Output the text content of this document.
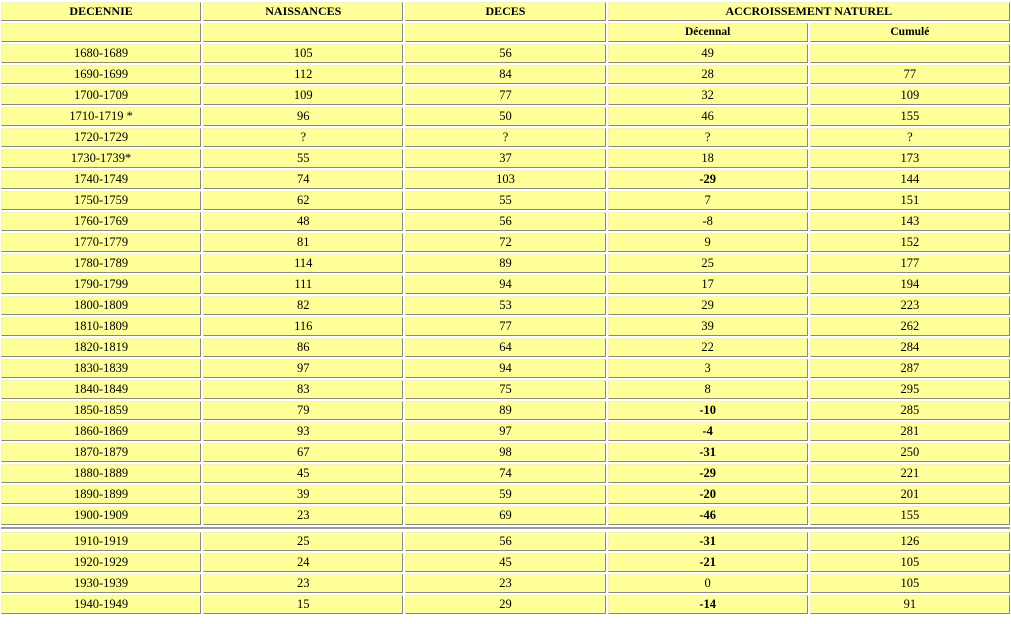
DECENNIE	NAISSANCES	DECES	ACCROISSEMENT NATUREL	
			Décennal	Cumulé
1680-1689	105	56	49	
1690-1699	112	84	28	77
1700-1709	109	77	32	109
1710-1719 *	96	50	46	155
1720-1729	?	?	?	?
1730-1739*	55	37	18	173
1740-1749	74	103	-29	144
1750-1759	62	55	7	151
1760-1769	48	56	-8	143
1770-1779	81	72	9	152
1780-1789	114	89	25	177
1790-1799	111	94	17	194
1800-1809	82	53	29	223
1810-1809	116	77	39	262
1820-1819	86	64	22	284
1830-1839	97	94	3	287
1840-1849	83	75	8	295
1850-1859	79	89	-10	285
1860-1869	93	97	-4	281
1870-1879	67	98	-31	250
1880-1889	45	74	-29	221
1890-1899	39	59	-20	201
1900-1909	23	69	-46	155

1910-1919	25	56	-31	126
1920-1929	24	45	-21	105
1930-1939	23	23	0	105
1940-1949	15	29	-14	91
